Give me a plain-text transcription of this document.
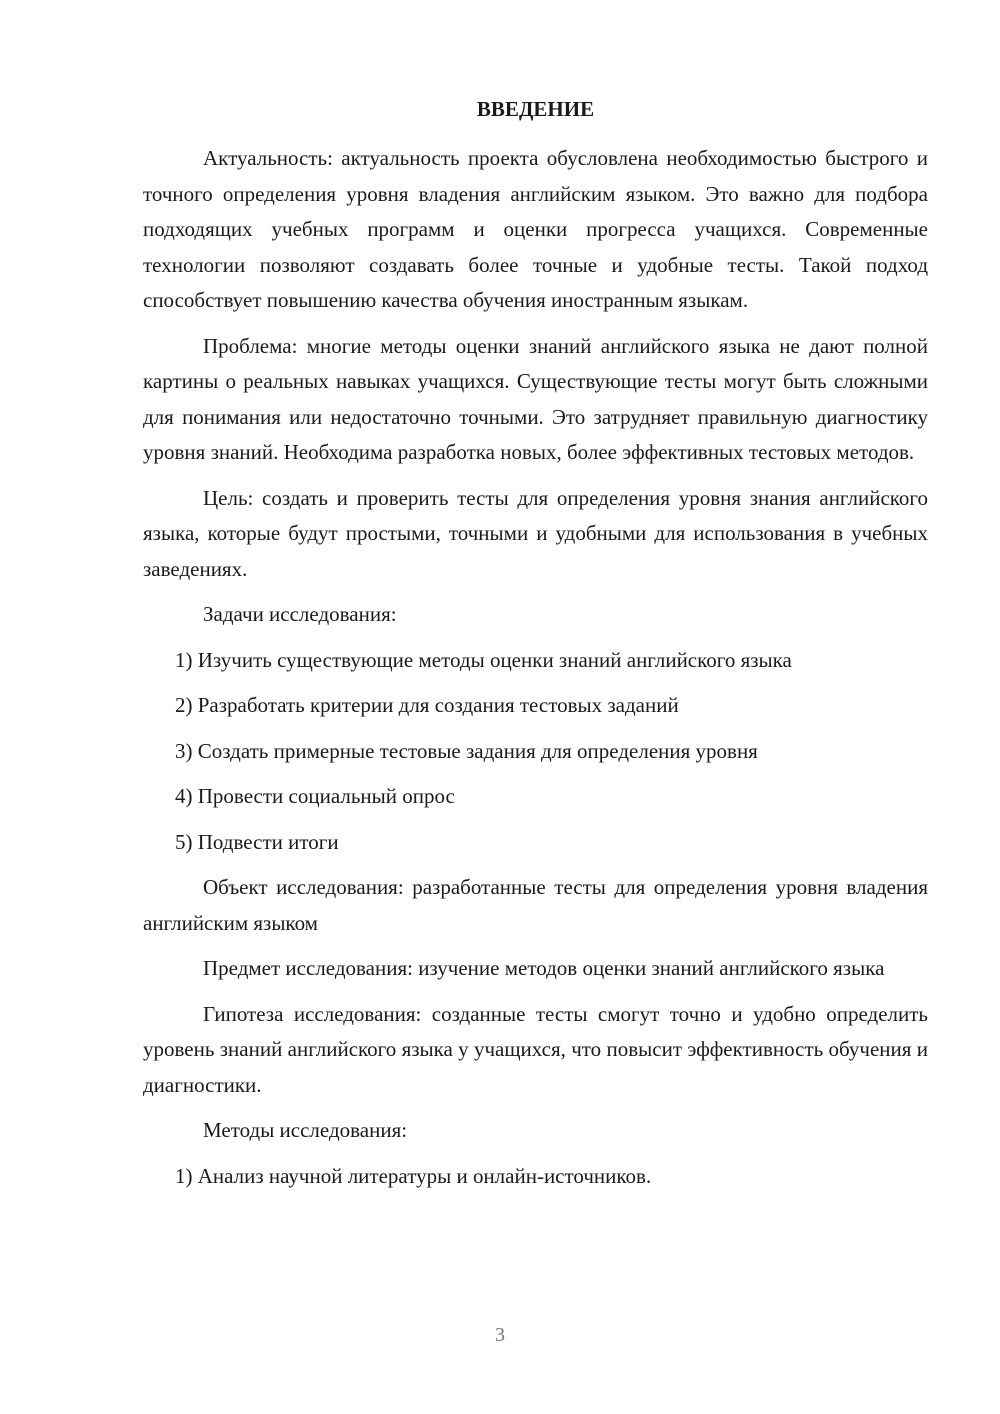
ВВЕДЕНИЕ

Актуальность: актуальность проекта обусловлена необходимостью быстрого и точного определения уровня владения английским языком. Это важно для подбора подходящих учебных программ и оценки прогресса учащихся. Современные технологии позволяют создавать более точные и удобные тесты. Такой подход способствует повышению качества обучения иностранным языкам.

Проблема: многие методы оценки знаний английского языка не дают полной картины о реальных навыках учащихся. Существующие тесты могут быть сложными для понимания или недостаточно точными. Это затрудняет правильную диагностику уровня знаний. Необходима разработка новых, более эффективных тестовых методов.

Цель: создать и проверить тесты для определения уровня знания английского языка, которые будут простыми, точными и удобными для использования в учебных заведениях.

Задачи исследования:

1) Изучить существующие методы оценки знаний английского языка

2) Разработать критерии для создания тестовых заданий

3) Создать примерные тестовые задания для определения уровня

4) Провести социальный опрос

5) Подвести итоги

Объект исследования: разработанные тесты для определения уровня владения английским языком

Предмет исследования: изучение методов оценки знаний английского языка

Гипотеза исследования: созданные тесты смогут точно и удобно определить уровень знаний английского языка у учащихся, что повысит эффективность обучения и диагностики.

Методы исследования:

1) Анализ научной литературы и онлайн-источников.

3
